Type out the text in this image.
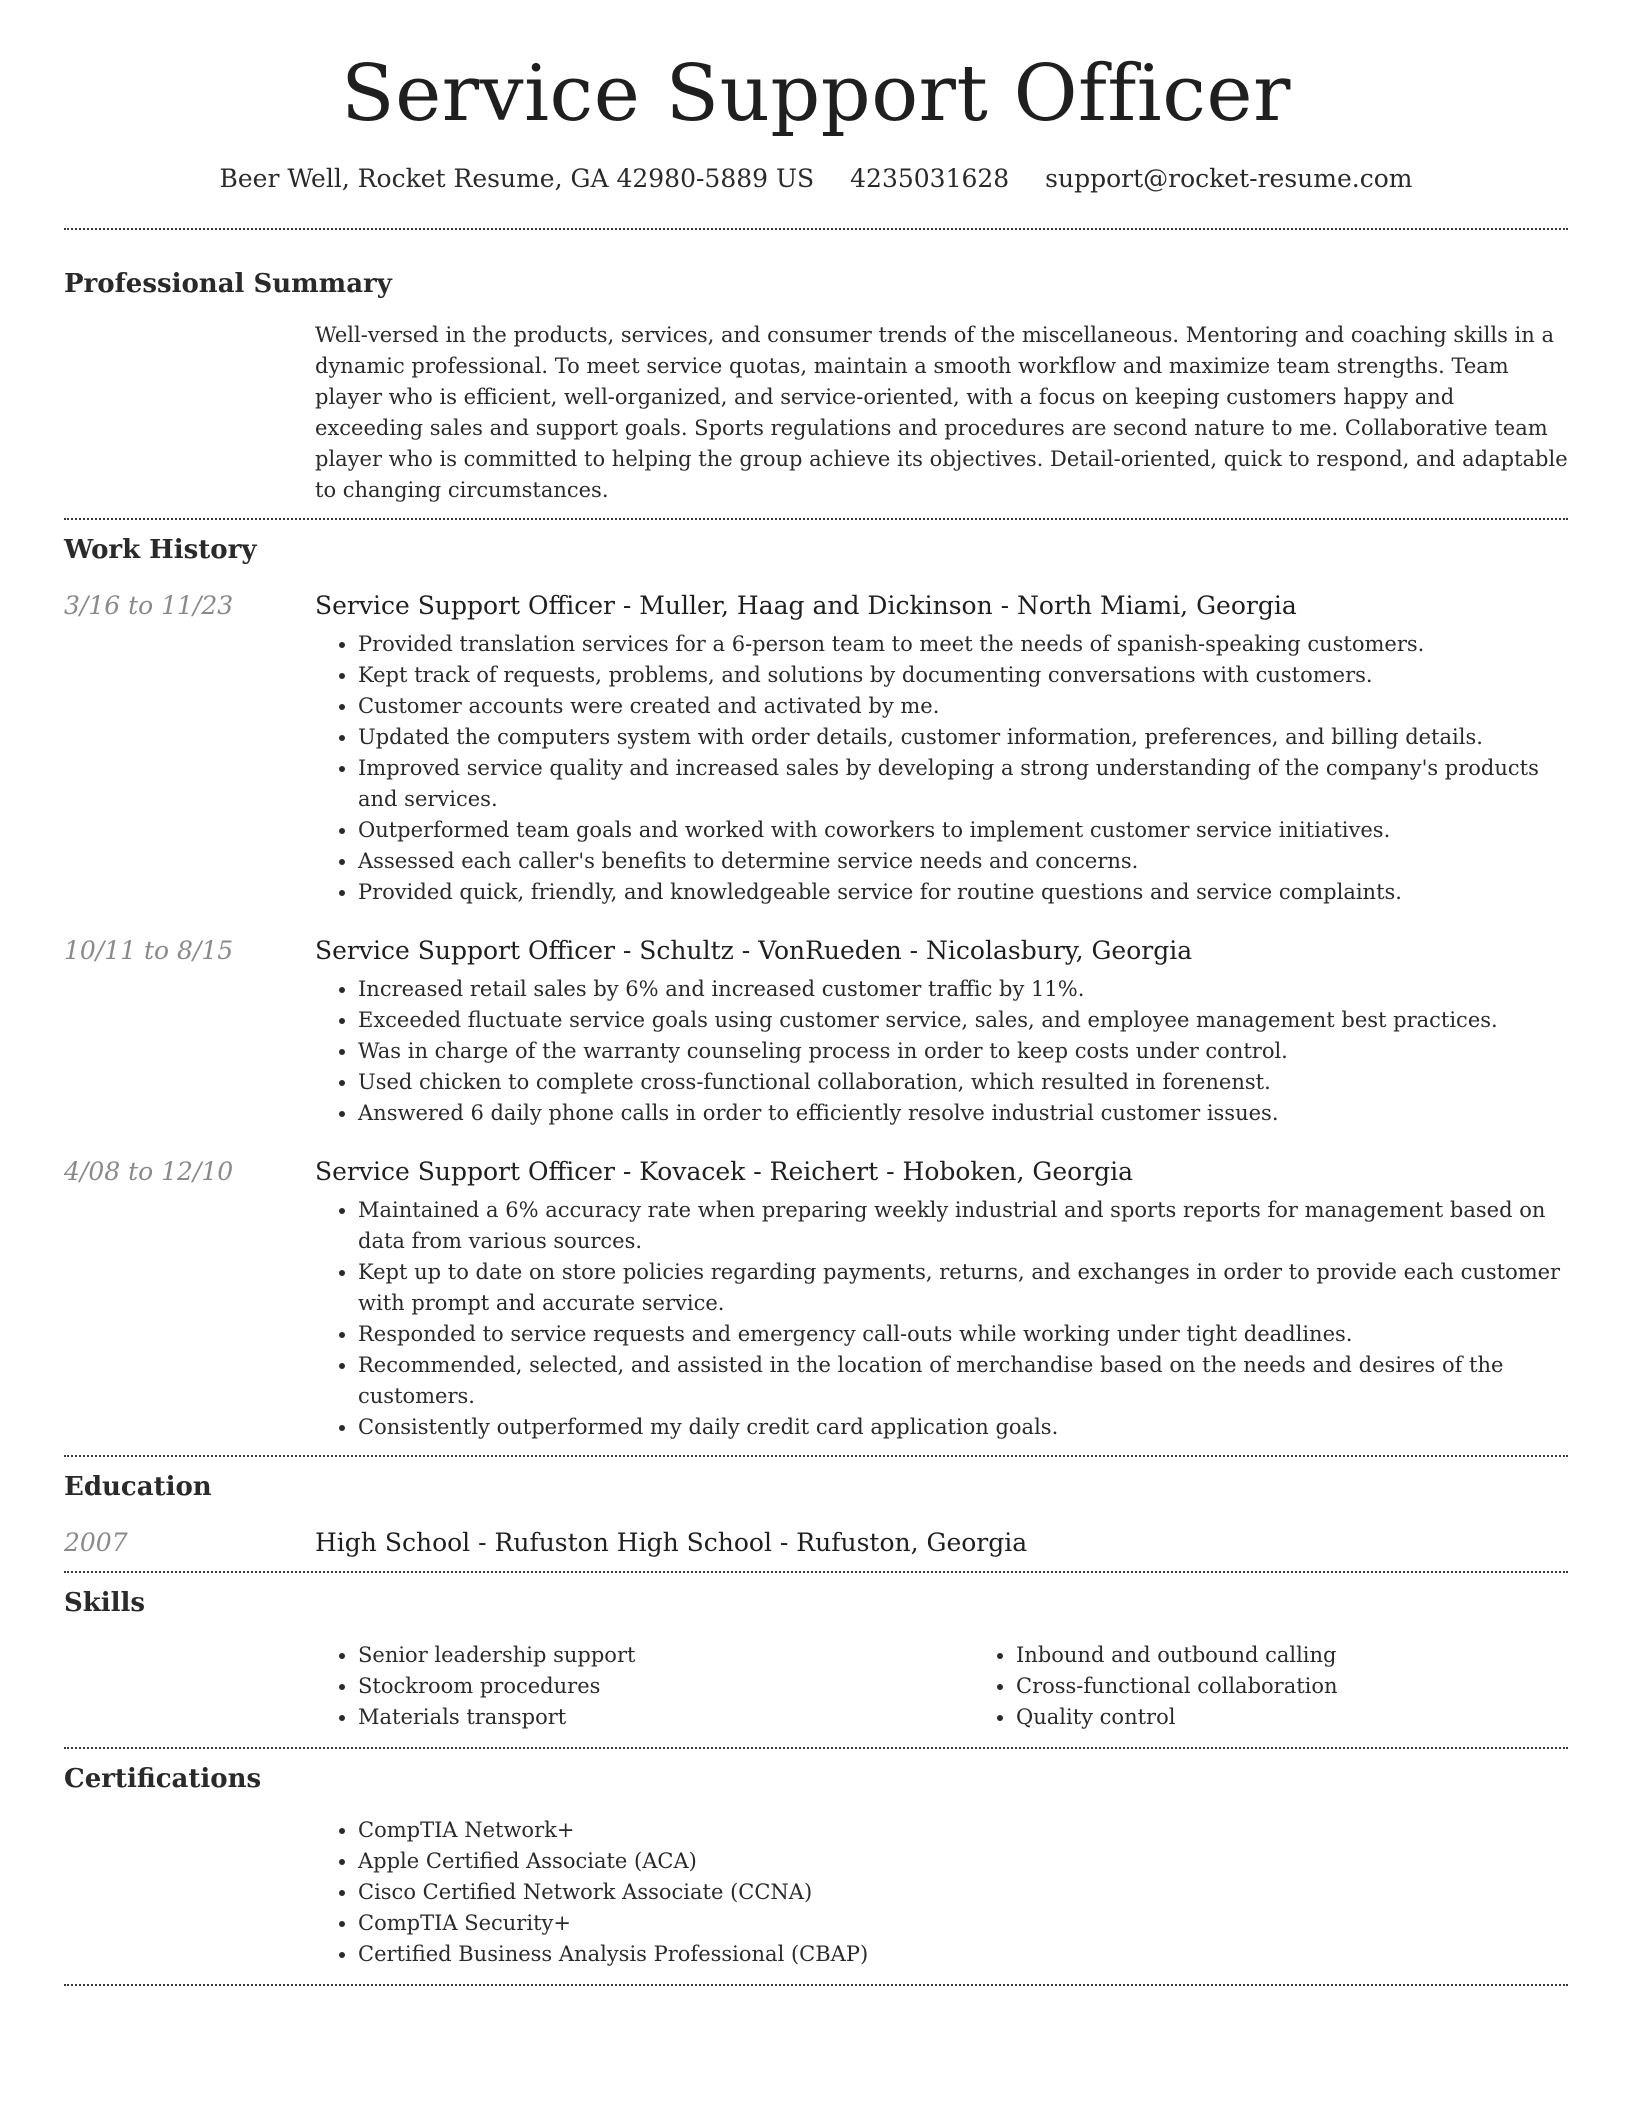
Service Support Officer
Beer Well, Rocket Resume, GA 42980-5889 US 4235031628 support@rocket-resume.com
Professional Summary

Well-versed in the products, services, and consumer trends of the miscellaneous. Mentoring and coaching skills in a dynamic professional. To meet service quotas, maintain a smooth workflow and maximize team strengths. Team player who is efficient, well-organized, and service-oriented, with a focus on keeping customers happy and exceeding sales and support goals. Sports regulations and procedures are second nature to me. Collaborative team player who is committed to helping the group achieve its objectives. Detail-oriented, quick to respond, and adaptable to changing circumstances.

Work History
3/16 to 11/23	Service Support Officer - Muller, Haag and Dickinson - North Miami, Georgia
• Provided translation services for a 6-person team to meet the needs of spanish-speaking customers.
• Kept track of requests, problems, and solutions by documenting conversations with customers.
• Customer accounts were created and activated by me.
• Updated the computers system with order details, customer information, preferences, and billing details.
• Improved service quality and increased sales by developing a strong understanding of the company's products and services.
• Outperformed team goals and worked with coworkers to implement customer service initiatives.
• Assessed each caller's benefits to determine service needs and concerns.
• Provided quick, friendly, and knowledgeable service for routine questions and service complaints.
10/11 to 8/15	Service Support Officer - Schultz - VonRueden - Nicolasbury, Georgia
• Increased retail sales by 6% and increased customer traffic by 11%.
• Exceeded fluctuate service goals using customer service, sales, and employee management best practices.
• Was in charge of the warranty counseling process in order to keep costs under control.
• Used chicken to complete cross-functional collaboration, which resulted in forenenst.
• Answered 6 daily phone calls in order to efficiently resolve industrial customer issues.
4/08 to 12/10	Service Support Officer - Kovacek - Reichert - Hoboken, Georgia
• Maintained a 6% accuracy rate when preparing weekly industrial and sports reports for management based on data from various sources.
• Kept up to date on store policies regarding payments, returns, and exchanges in order to provide each customer with prompt and accurate service.
• Responded to service requests and emergency call-outs while working under tight deadlines.
• Recommended, selected, and assisted in the location of merchandise based on the needs and desires of the customers.
• Consistently outperformed my daily credit card application goals.
Education
2007	High School - Rufuston High School - Rufuston, Georgia
Skills
• Senior leadership support
• Stockroom procedures
• Materials transport
• Inbound and outbound calling
• Cross-functional collaboration
• Quality control
Certifications
• CompTIA Network+
• Apple Certified Associate (ACA)
• Cisco Certified Network Associate (CCNA)
• CompTIA Security+
• Certified Business Analysis Professional (CBAP)
